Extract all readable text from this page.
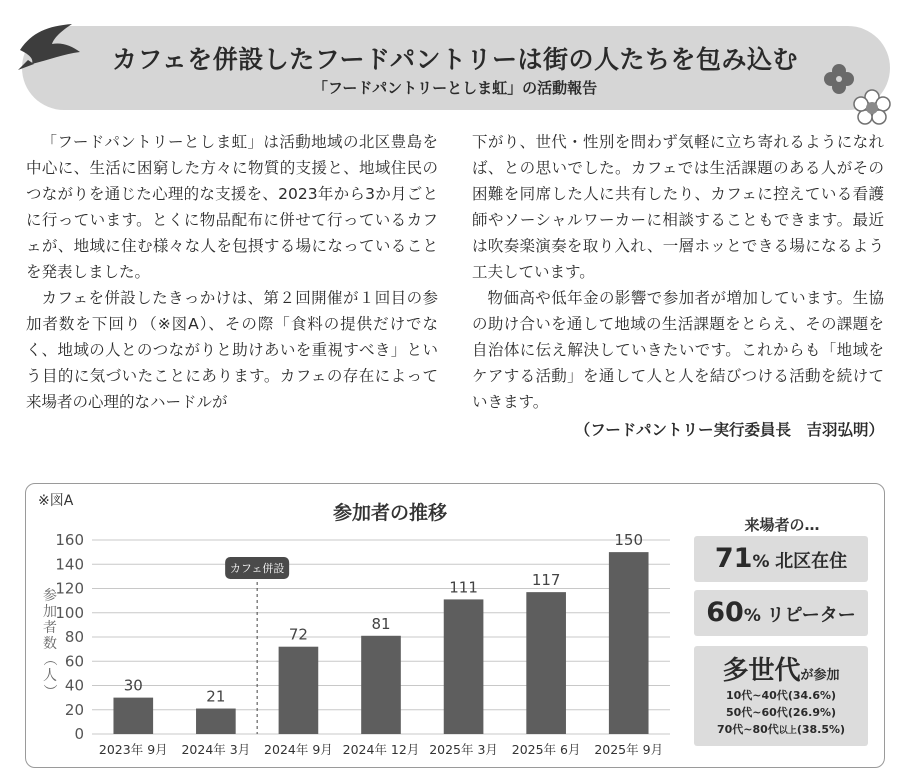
カフェを併設したフードパントリーは街の人たちを包み込む
「フードパントリーとしま虹」の活動報告

「フードパントリーとしま虹」は活動地域の北区豊島を中心に、生活に困窮した方々に物質的支援と、地域住民のつながりを通じた心理的な支援を、2023年から3か月ごとに行っています。とくに物品配布に併せて行っているカフェが、地域に住む様々な人を包摂する場になっていることを発表しました。

カフェを併設したきっかけは、第２回開催が１回目の参加者数を下回り（※図A）、その際「食料の提供だけでなく、地域の人とのつながりと助けあいを重視すべき」という目的に気づいたことにあります。カフェの存在によって来場者の心理的なハードルが

下がり、世代・性別を問わず気軽に立ち寄れるようになれば、との思いでした。カフェでは生活課題のある人がその困難を同席した人に共有したり、カフェに控えている看護師やソーシャルワーカーに相談することもできます。最近は吹奏楽演奏を取り入れ、一層ホッとできる場になるよう工夫しています。

物価高や低年金の影響で参加者が増加しています。生協の助け合いを通して地域の生活課題をとらえ、その課題を自治体に伝え解決していきたいです。これからも「地域をケアする活動」を通して人と人を結びつける活動を続けていきます。

（フードパントリー実行委員長　吉羽弘明）
※図A
参加者の推移
0
20
40
60
80
100
120
140
160
30
21
72
81
111	117
150
2023年 9月 2024年 3月 2024年 9月 2024年 12月 2025年 3月 2025年 6月 2025年 9月
カフェ併設
参
加
者
数
（
人
）
来場者の…
71% 北区在住
60% リピーター
多世代が参加
10代~40代(34.6%)
50代~60代(26.9%)
70代~80代以上(38.5%)
